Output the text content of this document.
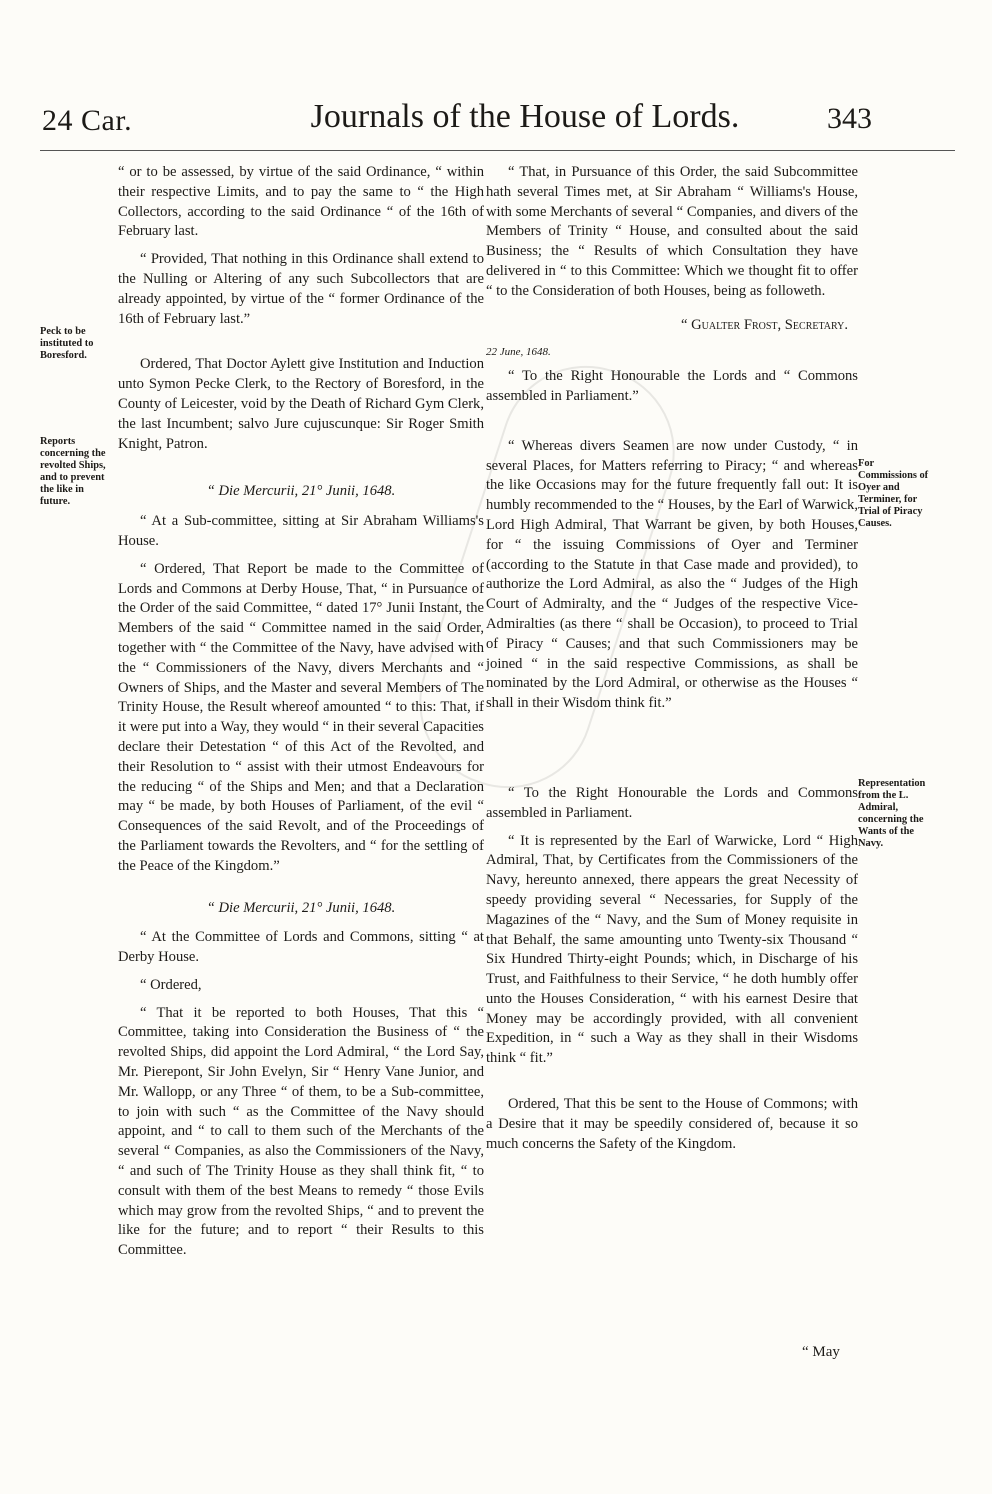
24 Car.	Journals of the House of Lords.	343
Peck to be instituted to Boresford.
Reports concerning the revolted Ships, and to prevent the like in future.
For Commissions of Oyer and Terminer, for Trial of Piracy Causes.
Representation from the L. Admiral, concerning the Wants of the Navy.

“ or to be assessed, by virtue of the said Ordinance, “ within their respective Limits, and to pay the same to “ the High Collectors, according to the said Ordinance “ of the 16th of February last.

“ Provided, That nothing in this Ordinance shall extend to the Nulling or Altering of any such Subcollectors that are already appointed, by virtue of the “ former Ordinance of the 16th of February last.”

Ordered, That Doctor Aylett give Institution and Induction unto Symon Pecke Clerk, to the Rectory of Boresford, in the County of Leicester, void by the Death of Richard Gym Clerk, the last Incumbent; salvo Jure cujuscunque: Sir Roger Smith Knight, Patron.

“ Die Mercurii, 21° Junii, 1648.

“ At a Sub-committee, sitting at Sir Abraham Williams's House.

“ Ordered, That Report be made to the Committee of Lords and Commons at Derby House, That, “ in Pursuance of the Order of the said Committee, “ dated 17° Junii Instant, the Members of the said “ Committee named in the said Order, together with “ the Committee of the Navy, have advised with the “ Commissioners of the Navy, divers Merchants and “ Owners of Ships, and the Master and several Members of The Trinity House, the Result whereof amounted “ to this: That, if it were put into a Way, they would “ in their several Capacities declare their Detestation “ of this Act of the Revolted, and their Resolution to “ assist with their utmost Endeavours for the reducing “ of the Ships and Men; and that a Declaration may “ be made, by both Houses of Parliament, of the evil “ Consequences of the said Revolt, and of the Proceedings of the Parliament towards the Revolters, and “ for the settling of the Peace of the Kingdom.”

“ Die Mercurii, 21° Junii, 1648.

“ At the Committee of Lords and Commons, sitting “ at Derby House.

“ Ordered,

“ That it be reported to both Houses, That this “ Committee, taking into Consideration the Business of “ the revolted Ships, did appoint the Lord Admiral, “ the Lord Say, Mr. Pierepont, Sir John Evelyn, Sir “ Henry Vane Junior, and Mr. Wallopp, or any Three “ of them, to be a Sub-committee, to join with such “ as the Committee of the Navy should appoint, and “ to call to them such of the Merchants of the several “ Companies, as also the Commissioners of the Navy, “ and such of The Trinity House as they shall think fit, “ to consult with them of the best Means to remedy “ those Evils which may grow from the revolted Ships, “ and to prevent the like for the future; and to report “ their Results to this Committee.

“ That, in Pursuance of this Order, the said Subcommittee hath several Times met, at Sir Abraham “ Williams's House, with some Merchants of several “ Companies, and divers of the Members of Trinity “ House, and consulted about the said Business; the “ Results of which Consultation they have delivered in “ to this Committee: Which we thought fit to offer “ to the Consideration of both Houses, being as followeth.

“ Gualter Frost, Secretary.

22 June, 1648.

“ To the Right Honourable the Lords and “ Commons assembled in Parliament.”

“ Whereas divers Seamen are now under Custody, “ in several Places, for Matters referring to Piracy; “ and whereas the like Occasions may for the future frequently fall out: It is humbly recommended to the “ Houses, by the Earl of Warwick, Lord High Admiral, That Warrant be given, by both Houses, for “ the issuing Commissions of Oyer and Terminer (according to the Statute in that Case made and provided), to authorize the Lord Admiral, as also the “ Judges of the High Court of Admiralty, and the “ Judges of the respective Vice-Admiralties (as there “ shall be Occasion), to proceed to Trial of Piracy “ Causes; and that such Commissioners may be joined “ in the said respective Commissions, as shall be nominated by the Lord Admiral, or otherwise as the Houses “ shall in their Wisdom think fit.”

“ To the Right Honourable the Lords and Commons assembled in Parliament.

“ It is represented by the Earl of Warwicke, Lord “ High Admiral, That, by Certificates from the Commissioners of the Navy, hereunto annexed, there appears the great Necessity of speedy providing several “ Necessaries, for Supply of the Magazines of the “ Navy, and the Sum of Money requisite in that Behalf, the same amounting unto Twenty-six Thousand “ Six Hundred Thirty-eight Pounds; which, in Discharge of his Trust, and Faithfulness to their Service, “ he doth humbly offer unto the Houses Consideration, “ with his earnest Desire that Money may be accordingly provided, with all convenient Expedition, in “ such a Way as they shall in their Wisdoms think “ fit.”

Ordered, That this be sent to the House of Commons; with a Desire that it may be speedily considered of, because it so much concerns the Safety of the Kingdom.

“ May
